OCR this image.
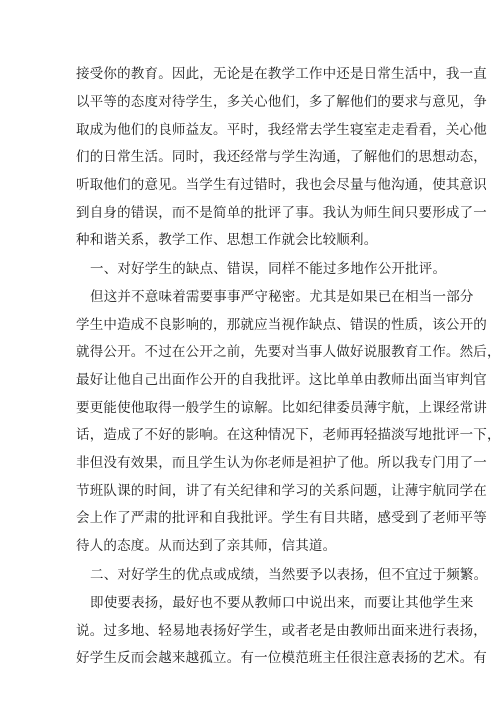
接受你的教育。因此，无论是在教学工作中还是日常生活中，我一直
以平等的态度对待学生，多关心他们，多了解他们的要求与意见，争
取成为他们的良师益友。平时，我经常去学生寝室走走看看，关心他
们的日常生活。同时，我还经常与学生沟通，了解他们的思想动态，
听取他们的意见。当学生有过错时，我也会尽量与他沟通，使其意识
到自身的错误，而不是简单的批评了事。我认为师生间只要形成了一
种和谐关系，教学工作、思想工作就会比较顺利。
一、对好学生的缺点、错误，同样不能过多地作公开批评。
但这并不意味着需要事事严守秘密。尤其是如果已在相当一部分
学生中造成不良影响的，那就应当视作缺点、错误的性质，该公开的
就得公开。不过在公开之前，先要对当事人做好说服教育工作。然后，
最好让他自己出面作公开的自我批评。这比单单由教师出面当审判官
要更能使他取得一般学生的谅解。比如纪律委员薄宇航，上课经常讲
话，造成了不好的影响。在这种情况下，老师再轻描淡写地批评一下，
非但没有效果，而且学生认为你老师是袒护了他。所以我专门用了一
节班队课的时间，讲了有关纪律和学习的关系问题，让薄宇航同学在
会上作了严肃的批评和自我批评。学生有目共睹，感受到了老师平等
待人的态度。从而达到了亲其师，信其道。
二、对好学生的优点或成绩，当然要予以表扬，但不宜过于频繁。
即使要表扬，最好也不要从教师口中说出来，而要让其他学生来
说。过多地、轻易地表扬好学生，或者老是由教师出面来进行表扬，
好学生反而会越来越孤立。有一位模范班主任很注意表扬的艺术。有
